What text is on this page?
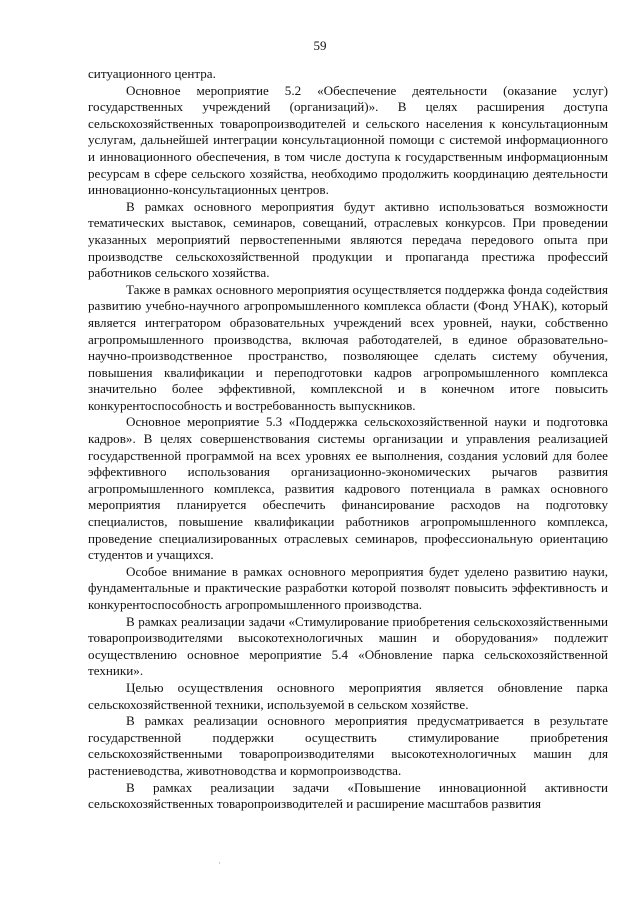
59

ситуационного центра.

Основное мероприятие 5.2 «Обеспечение деятельности (оказание услуг) государственных учреждений (организаций)». В целях расширения доступа сельскохозяйственных товаропроизводителей и сельского населения к консультационным услугам, дальнейшей интеграции консультационной помощи с системой информационного и инновационного обеспечения, в том числе доступа к государственным информационным ресурсам в сфере сельского хозяйства, необходимо продолжить координацию деятельности инновационно-консультационных центров.

В рамках основного мероприятия будут активно использоваться возможности тематических выставок, семинаров, совещаний, отраслевых конкурсов. При проведении указанных мероприятий первостепенными являются передача передового опыта при производстве сельскохозяйственной продукции и пропаганда престижа профессий работников сельского хозяйства.

Также в рамках основного мероприятия осуществляется поддержка фонда содействия развитию учебно-научного агропромышленного комплекса области (Фонд УНАК), который является интегратором образовательных учреждений всех уровней, науки, собственно агропромышленного производства, включая работодателей, в единое образовательно-научно-производственное пространство, позволяющее сделать систему обучения, повышения квалификации и переподготовки кадров агропромышленного комплекса значительно более эффективной, комплексной и в конечном итоге повысить конкурентоспособность и востребованность выпускников.

Основное мероприятие 5.3 «Поддержка сельскохозяйственной науки и подготовка кадров». В целях совершенствования системы организации и управления реализацией государственной программой на всех уровнях ее выполнения, создания условий для более эффективного использования организационно-экономических рычагов развития агропромышленного комплекса, развития кадрового потенциала в рамках основного мероприятия планируется обеспечить финансирование расходов на подготовку специалистов, повышение квалификации работников агропромышленного комплекса, проведение специализированных отраслевых семинаров, профессиональную ориентацию студентов и учащихся.

Особое внимание в рамках основного мероприятия будет уделено развитию науки, фундаментальные и практические разработки которой позволят повысить эффективность и конкурентоспособность агропромышленного производства.

В рамках реализации задачи «Стимулирование приобретения сельскохозяйственными товаропроизводителями высокотехнологичных машин и оборудования» подлежит осуществлению основное мероприятие 5.4 «Обновление парка сельскохозяйственной техники».

Целью осуществления основного мероприятия является обновление парка сельскохозяйственной техники, используемой в сельском хозяйстве.

В рамках реализации основного мероприятия предусматривается в результате государственной поддержки осуществить стимулирование приобретения сельскохозяйственными товаропроизводителями высокотехнологичных машин для растениеводства, животноводства и кормопроизводства.

В рамках реализации задачи «Повышение инновационной активности сельскохозяйственных товаропроизводителей и расширение масштабов развития

·
